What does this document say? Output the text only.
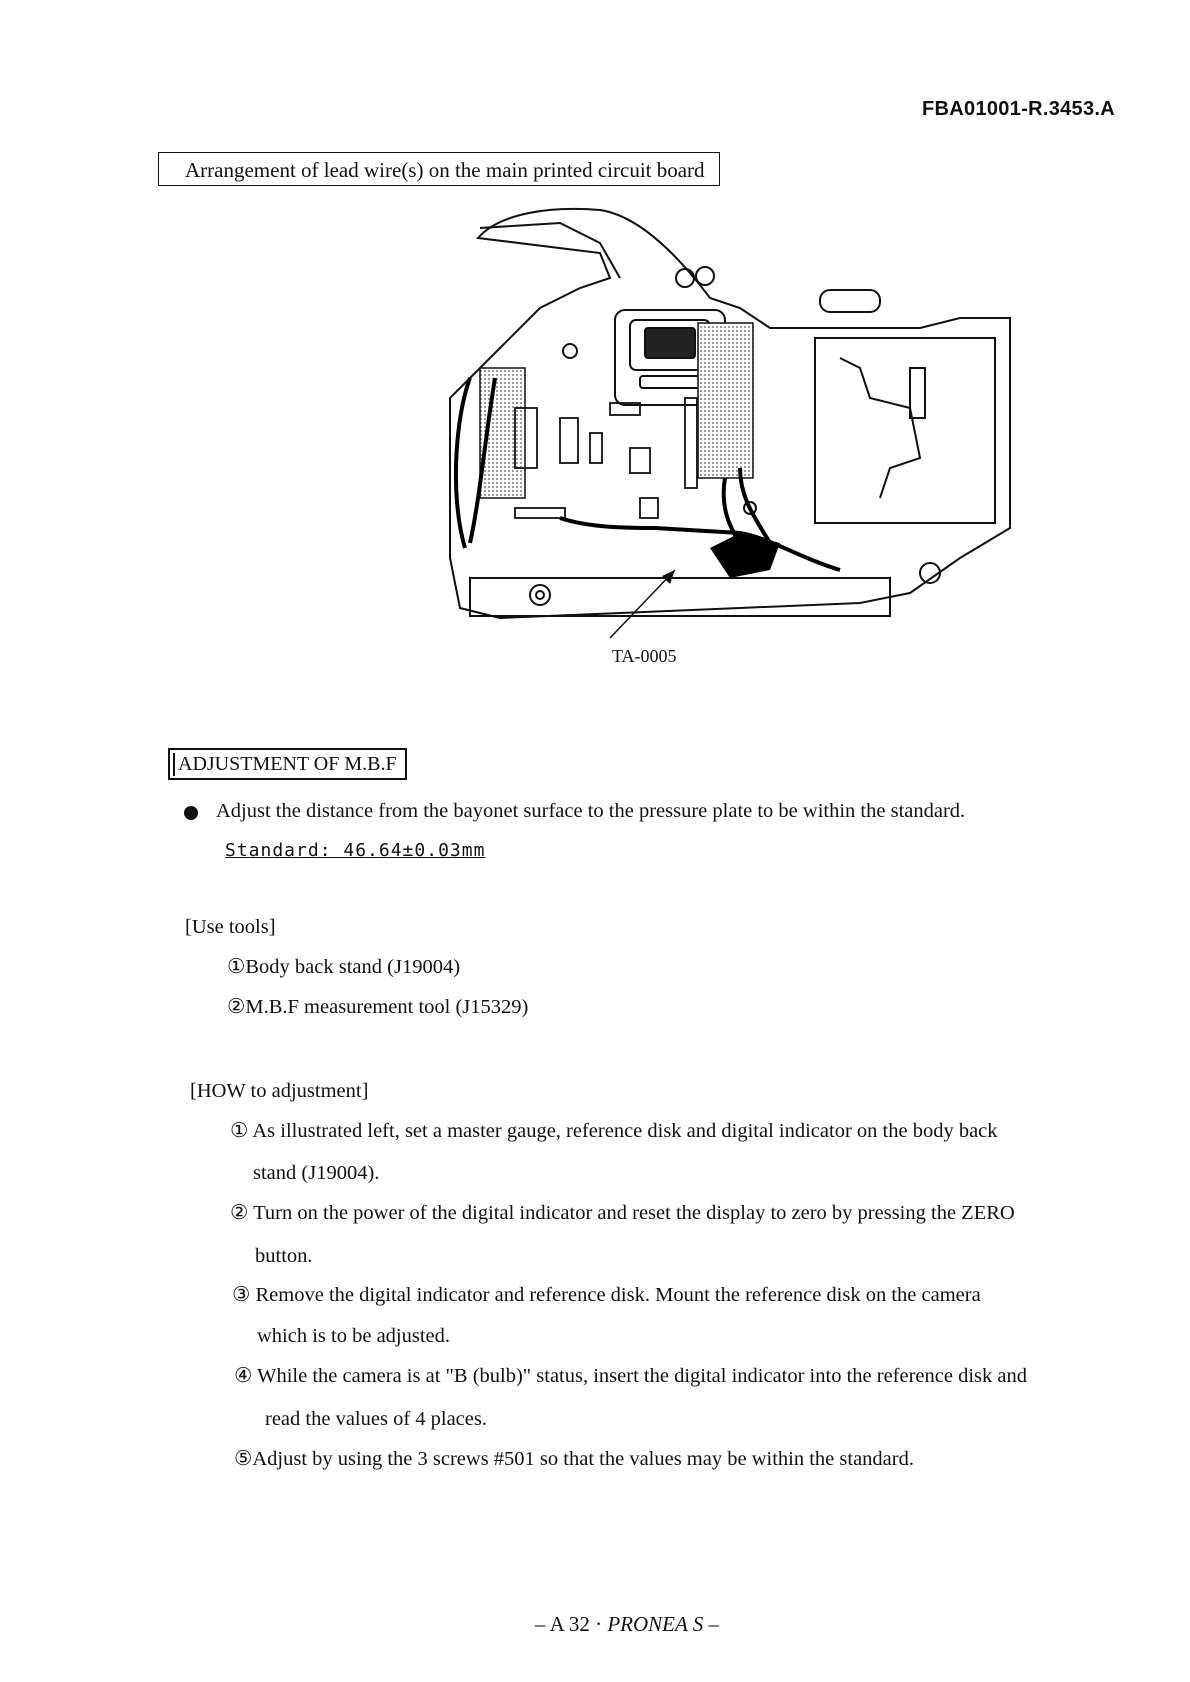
FBA01001-R.3453.A
Arrangement of lead wire(s) on the main printed circuit board
TA-0005
ADJUSTMENT OF M.B.F
Adjust the distance from the bayonet surface to the pressure plate to be within the standard.
Standard: 46.64±0.03mm
[Use tools]
①Body back stand (J19004)
②M.B.F measurement tool (J15329)
[HOW to adjustment]
① As illustrated left, set a master gauge, reference disk and digital indicator on the body back
stand (J19004).
② Turn on the power of the digital indicator and reset the display to zero by pressing the ZERO
button.
③ Remove the digital indicator and reference disk. Mount the reference disk on the camera
which is to be adjusted.
④ While the camera is at "B (bulb)" status, insert the digital indicator into the reference disk and
read the values of 4 places.
⑤Adjust by using the 3 screws #501 so that the values may be within the standard.
– A 32 · PRONEA S –
